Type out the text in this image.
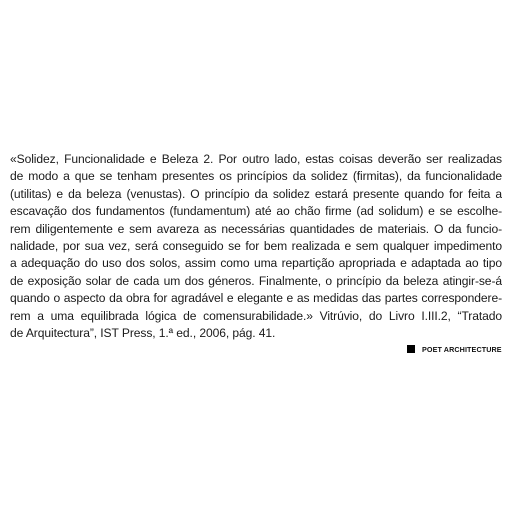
«Solidez, Funcionalidade e Beleza 2. Por outro lado, estas coisas deverão ser realizadas
de modo a que se tenham presentes os princípios da solidez (firmitas), da funcionalidade
(utilitas) e da beleza (venustas). O princípio da solidez estará presente quando for feita a
escavação dos fundamentos (fundamentum) até ao chão firme (ad solidum) e se escolhe-
rem diligentemente e sem avareza as necessárias quantidades de materiais. O da funcio-
nalidade, por sua vez, será conseguido se for bem realizada e sem qualquer impedimento
a adequação do uso dos solos, assim como uma repartição apropriada e adaptada ao tipo
de exposição solar de cada um dos géneros. Finalmente, o princípio da beleza atingir-se-á
quando o aspecto da obra for agradável e elegante e as medidas das partes correspondere-
rem a uma equilibrada lógica de comensurabilidade.» Vitrúvio, do Livro I.III.2, “Tratado
de Arquitectura”, IST Press, 1.ª ed., 2006, pág. 41.
POET ARCHITECTURE
